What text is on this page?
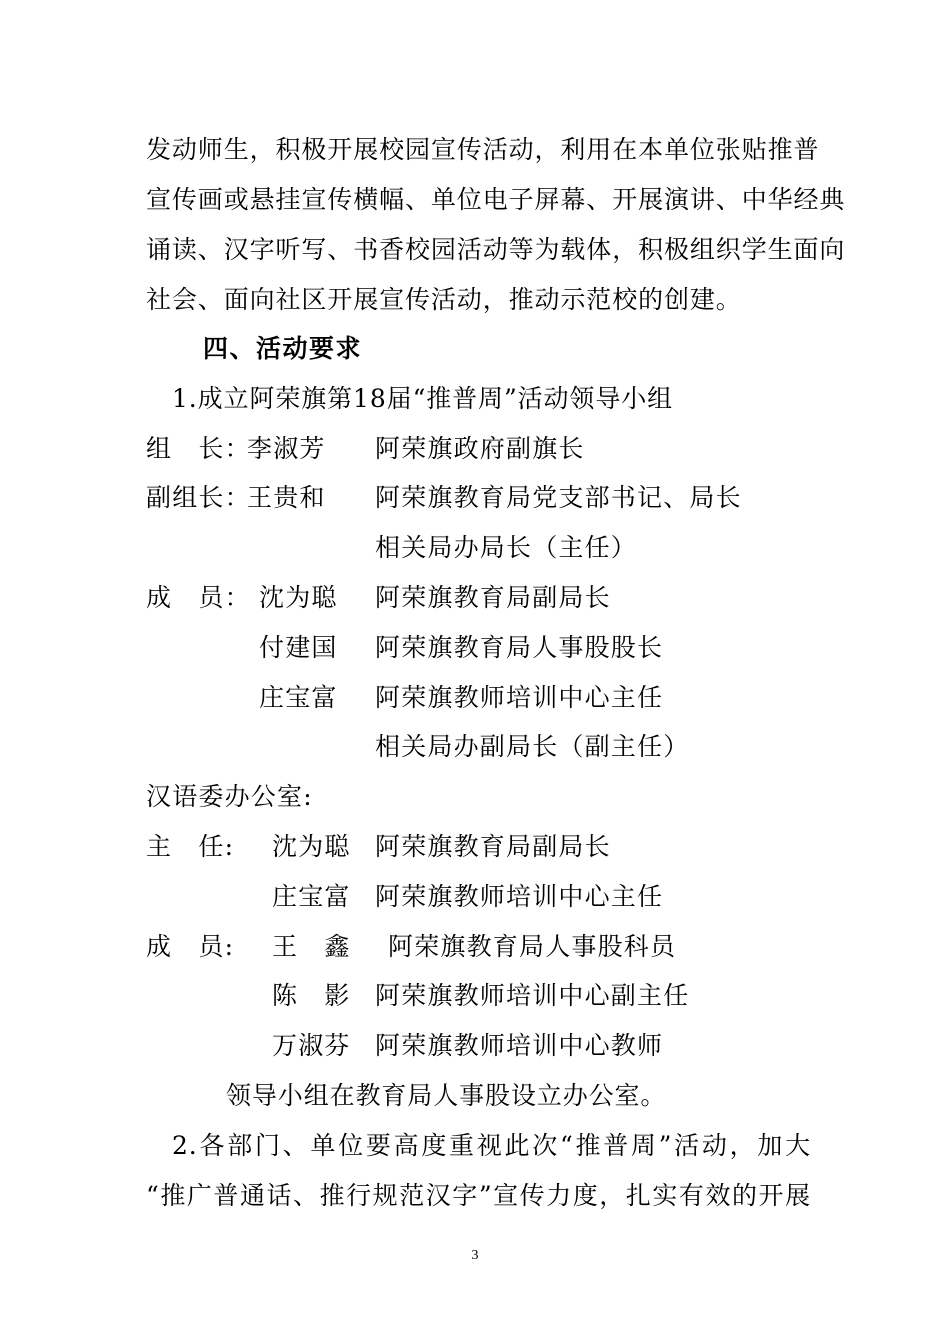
发动师生，积极开展校园宣传活动，利用在本单位张贴推普
宣传画或悬挂宣传横幅、单位电子屏幕、开展演讲、中华经典
诵读、汉字听写、书香校园活动等为载体，积极组织学生面向
社会、面向社区开展宣传活动，推动示范校的创建。
四、活动要求
1.成立阿荣旗第18届“推普周”活动领导小组
组　长：
李淑芳 阿荣旗政府副旗长
副组长：
王贵和 阿荣旗教育局党支部书记、局长
相关局办局长（主任）
成　员： 沈为聪 阿荣旗教育局副局长
付建国 阿荣旗教育局人事股股长
庄宝富 阿荣旗教师培训中心主任
相关局办副局长（副主任）
汉语委办公室:
主　任: 沈为聪 阿荣旗教育局副局长
庄宝富 阿荣旗教师培训中心主任
成　员: 王　鑫 阿荣旗教育局人事股科员
陈　影 阿荣旗教师培训中心副主任
万淑芬 阿荣旗教师培训中心教师
领导小组在教育局人事股设立办公室。
2.各部门、单位要高度重视此次“推普周”活动，加大
“推广普通话、推行规范汉字”宣传力度，扎实有效的开展
3
